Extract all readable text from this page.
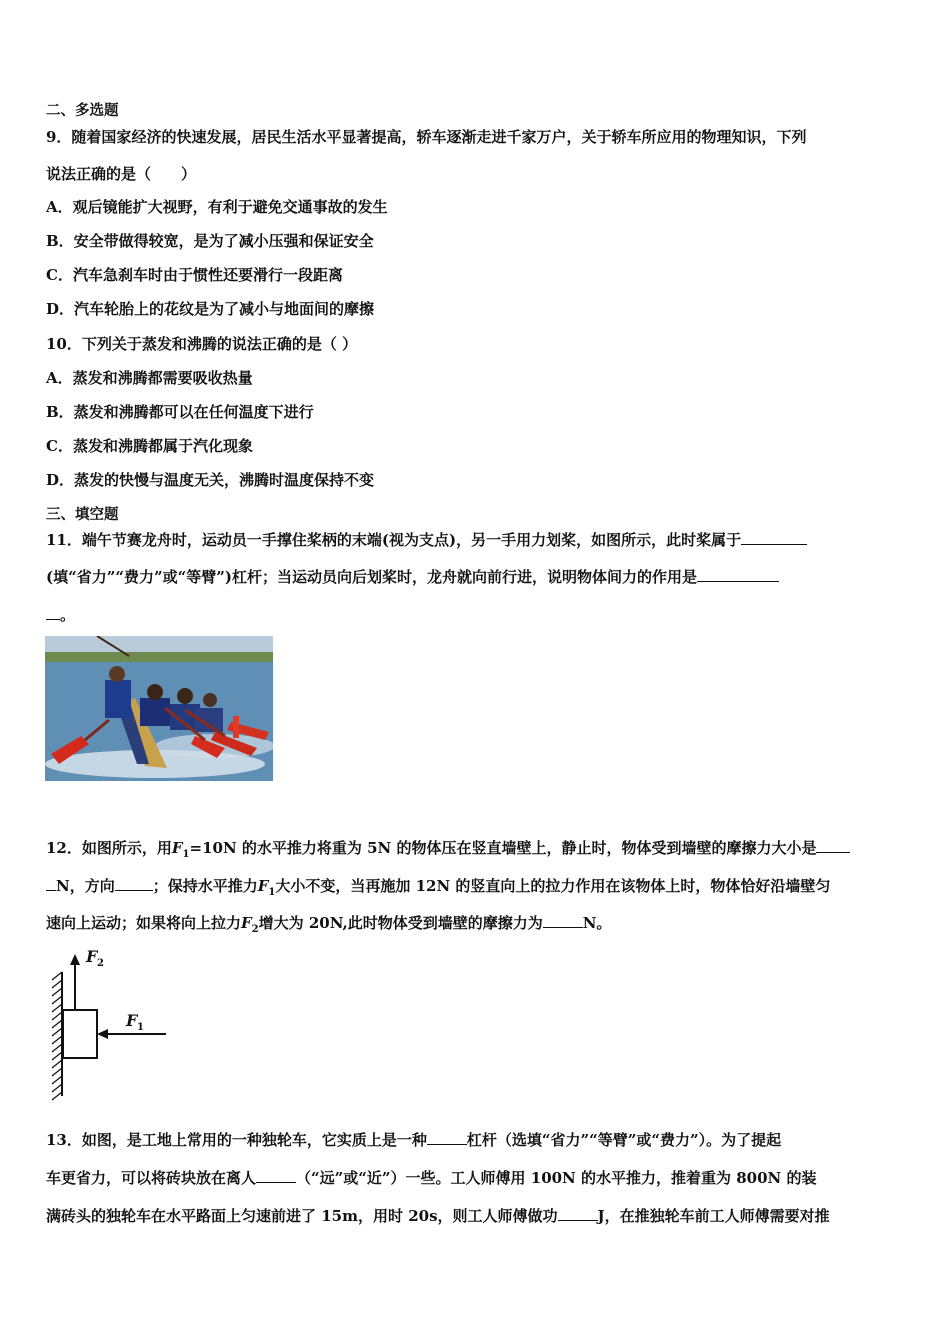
二、多选题
9．随着国家经济的快速发展，居民生活水平显著提高，轿车逐渐走进千家万户，关于轿车所应用的物理知识，下列
说法正确的是（　　）
A．观后镜能扩大视野，有利于避免交通事故的发生
B．安全带做得较宽，是为了减小压强和保证安全
C．汽车急刹车时由于惯性还要滑行一段距离
D．汽车轮胎上的花纹是为了减小与地面间的摩擦
10．下列关于蒸发和沸腾的说法正确的是（ ）
A．蒸发和沸腾都需要吸收热量
B．蒸发和沸腾都可以在任何温度下进行
C．蒸发和沸腾都属于汽化现象
D．蒸发的快慢与温度无关，沸腾时温度保持不变
三、填空题
11．端午节赛龙舟时，运动员一手撑住桨柄的末端(视为支点)，另一手用力划桨，如图所示，此时桨属于
(填“省力”“费力”或“等臂”)杠杆；当运动员向后划桨时，龙舟就向前行进，说明物体间力的作用是
。
12．如图所示，用$F_1=10N$ 的水平推力将重为 5N 的物体压在竖直墙壁上，静止时，物体受到墙壁的摩擦力大小是
N，方向	；保持水平推力$F_1$大小不变，当再施加 12N 的竖直向上的拉力作用在该物体上时，物体恰好沿墙壁匀
速向上运动；如果将向上拉力$F_2$增大为 20N,此时物体受到墙壁的摩擦力为	N。
F 2
F 1
13．如图，是工地上常用的一种独轮车，它实质上是一种	杠杆（选填“省力”“等臂”或“费力”）。为了提起
车更省力，可以将砖块放在离人	（“远”或“近”）一些。工人师傅用 100N 的水平推力，推着重为 800N 的装
满砖头的独轮车在水平路面上匀速前进了 15m，用时 20s，则工人师傅做功	J，在推独轮车前工人师傅需要对推
